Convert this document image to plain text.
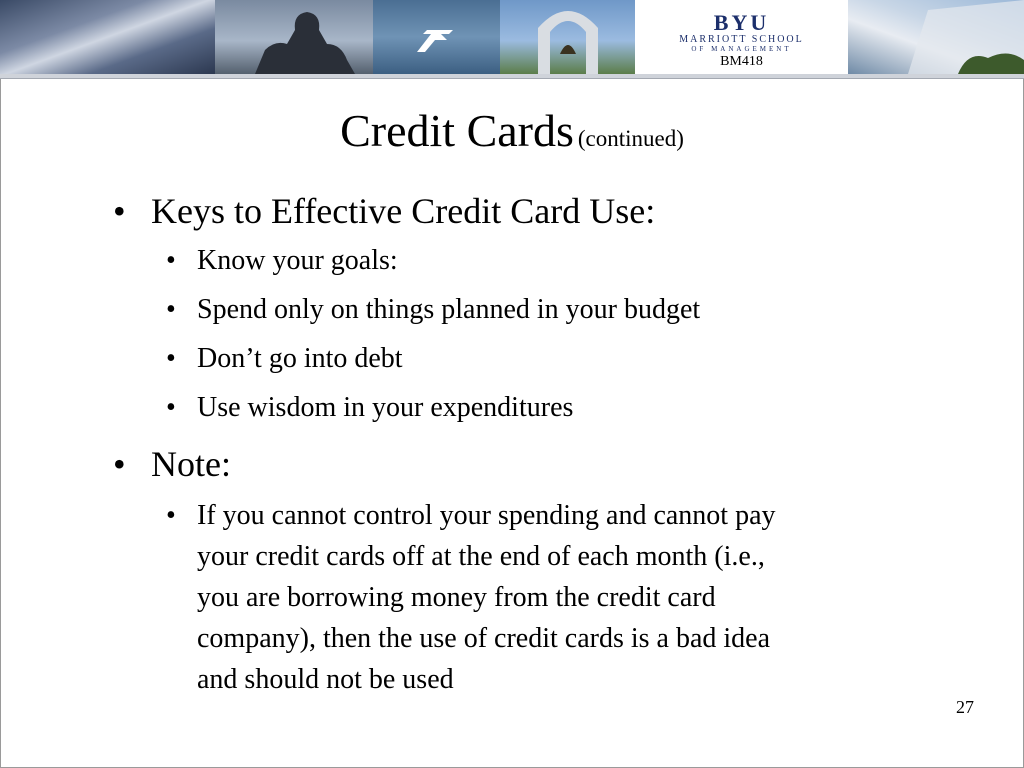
BYU
MARRIOTT SCHOOL
OF MANAGEMENT
BM418
Credit Cards (continued)
• Keys to Effective Credit Card Use:
• Know your goals:
• Spend only on things planned in your budget
• Don’t go into debt
• Use wisdom in your expenditures
• Note:
• If you cannot control your spending and cannot pay
your credit cards off at the end of each month (i.e.,
you are borrowing money from the credit card
company), then the use of credit cards is a bad idea
and should not be used
27
